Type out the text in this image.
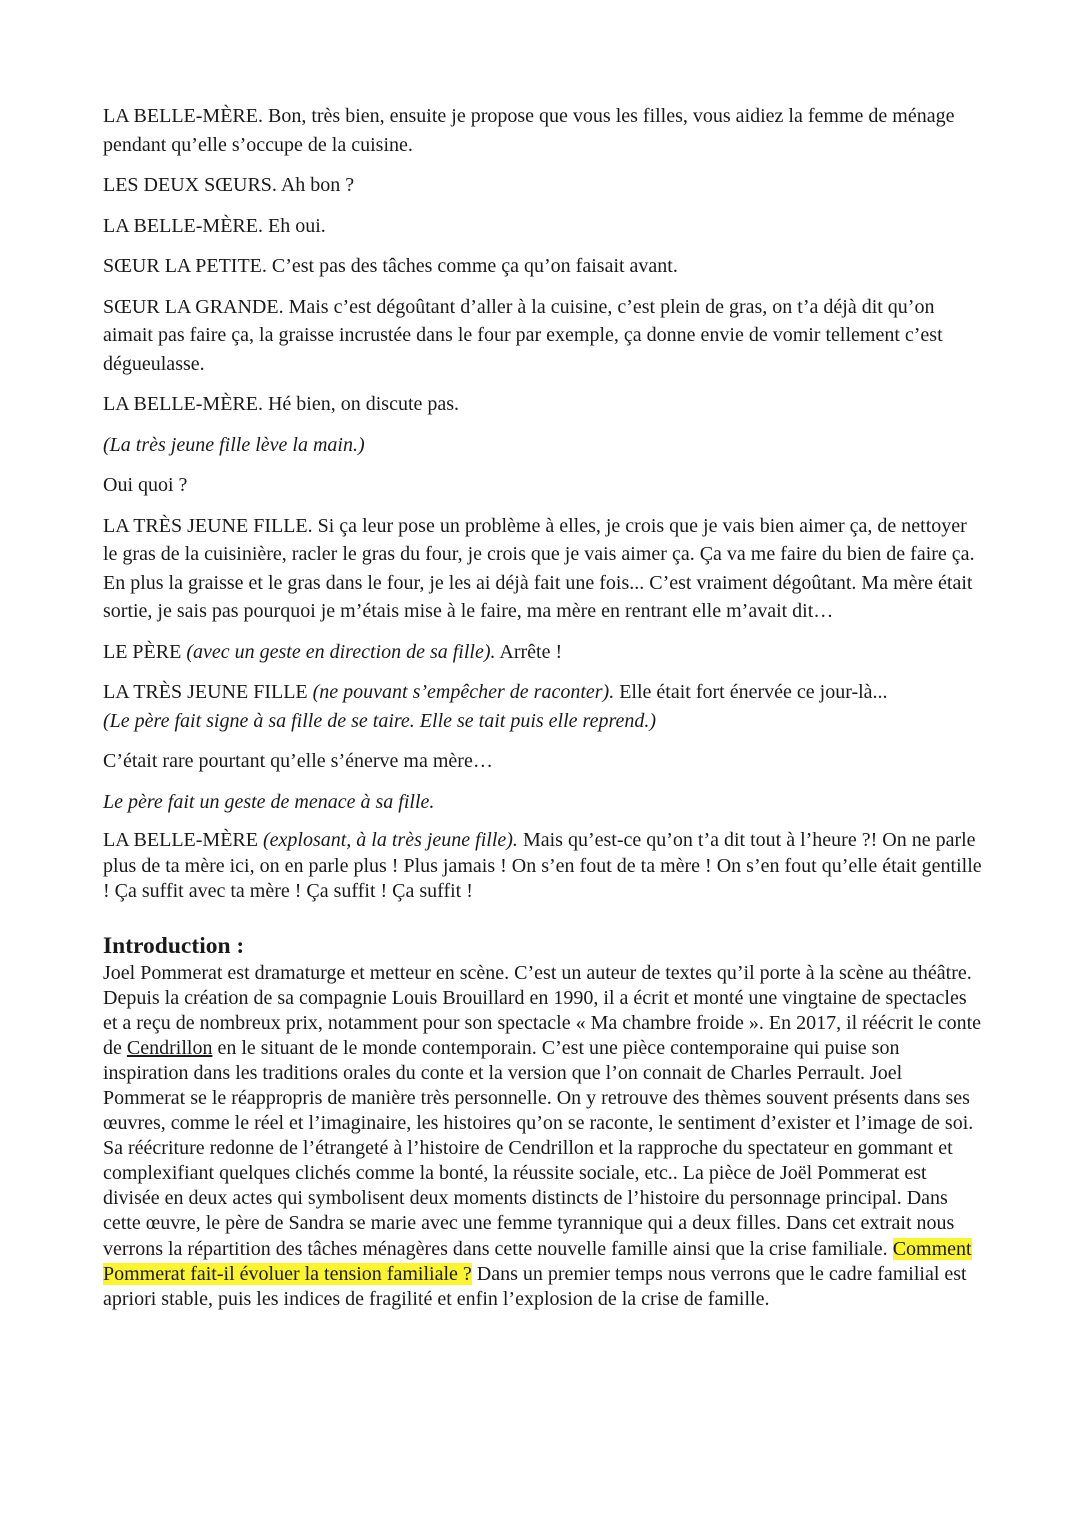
LA BELLE-MÈRE. Bon, très bien, ensuite je propose que vous les filles, vous aidiez la femme de ménage pendant qu’elle s’occupe de la cuisine.

LES DEUX SŒURS. Ah bon ?

LA BELLE-MÈRE. Eh oui.

SŒUR LA PETITE. C’est pas des tâches comme ça qu’on faisait avant.

SŒUR LA GRANDE. Mais c’est dégoûtant d’aller à la cuisine, c’est plein de gras, on t’a déjà dit qu’on aimait pas faire ça, la graisse incrustée dans le four par exemple, ça donne envie de vomir tellement c’est dégueulasse.

LA BELLE-MÈRE. Hé bien, on discute pas.

(La très jeune fille lève la main.)

Oui quoi ?

LA TRÈS JEUNE FILLE. Si ça leur pose un problème à elles, je crois que je vais bien aimer ça, de nettoyer le gras de la cuisinière, racler le gras du four, je crois que je vais aimer ça. Ça va me faire du bien de faire ça. En plus la graisse et le gras dans le four, je les ai déjà fait une fois... C’est vraiment dégoûtant. Ma mère était sortie, je sais pas pourquoi je m’étais mise à le faire, ma mère en rentrant elle m’avait dit…

LE PÈRE (avec un geste en direction de sa fille). Arrête !

LA TRÈS JEUNE FILLE (ne pouvant s’empêcher de raconter). Elle était fort énervée ce jour-là...
(Le père fait signe à sa fille de se taire. Elle se tait puis elle reprend.)

C’était rare pourtant qu’elle s’énerve ma mère…

Le père fait un geste de menace à sa fille.

LA BELLE-MÈRE (explosant, à la très jeune fille). Mais qu’est-ce qu’on t’a dit tout à l’heure ?! On ne parle plus de ta mère ici, on en parle plus ! Plus jamais ! On s’en fout de ta mère ! On s’en fout qu’elle était gentille ! Ça suffit avec ta mère ! Ça suffit ! Ça suffit !

Introduction :

Joel Pommerat est dramaturge et metteur en scène. C’est un auteur de textes qu’il porte à la scène au théâtre. Depuis la création de sa compagnie Louis Brouillard en 1990, il a écrit et monté une vingtaine de spectacles et a reçu de nombreux prix, notamment pour son spectacle « Ma chambre froide ». En 2017, il réécrit le conte de Cendrillon en le situant de le monde contemporain. C’est une pièce contemporaine qui puise son inspiration dans les traditions orales du conte et la version que l’on connait de Charles Perrault. Joel Pommerat se le réappropris de manière très personnelle. On y retrouve des thèmes souvent présents dans ses œuvres, comme le réel et l’imaginaire, les histoires qu’on se raconte, le sentiment d’exister et l’image de soi. Sa réécriture redonne de l’étrangeté à l’histoire de Cendrillon et la rapproche du spectateur en gommant et complexifiant quelques clichés comme la bonté, la réussite sociale, etc.. La pièce de Joël Pommerat est divisée en deux actes qui symbolisent deux moments distincts de l’histoire du personnage principal. Dans cette œuvre, le père de Sandra se marie avec une femme tyrannique qui a deux filles. Dans cet extrait nous verrons la répartition des tâches ménagères dans cette nouvelle famille ainsi que la crise familiale. Comment Pommerat fait-il évoluer la tension familiale ? Dans un premier temps nous verrons que le cadre familial est apriori stable, puis les indices de fragilité et enfin l’explosion de la crise de famille.
